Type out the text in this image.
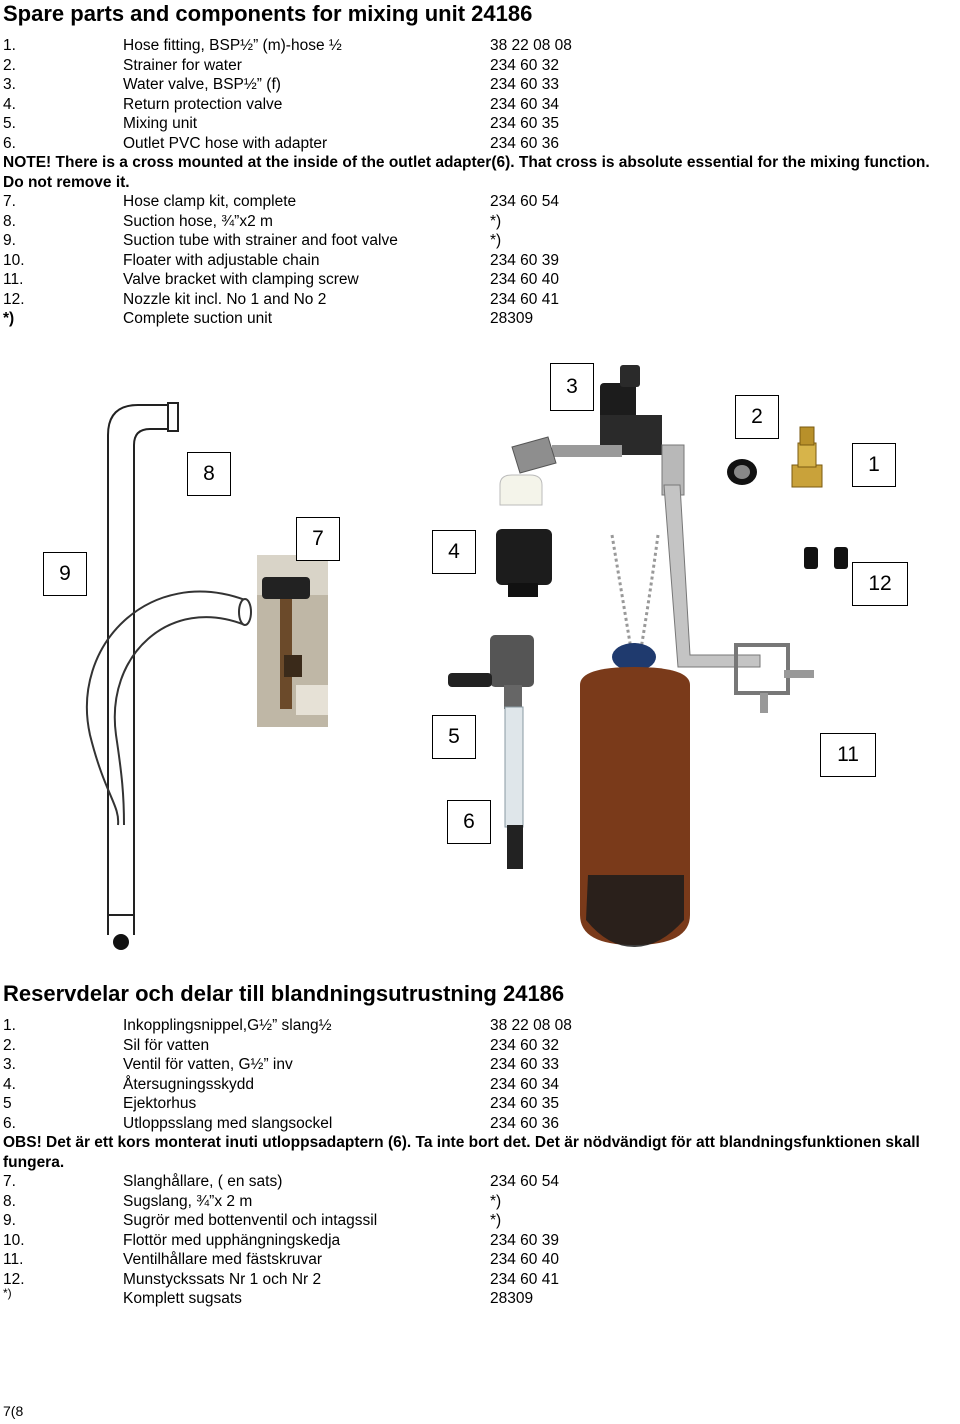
Spare parts and components for mixing unit 24186
1.	Hose fitting, BSP½” (m)-hose ½	38 22 08 08
2.	Strainer for water	234 60 32
3.	Water valve, BSP½” (f)	234 60 33
4.	Return protection valve	234 60 34
5.	Mixing unit	234 60 35
6.	Outlet PVC hose with adapter	234 60 36
NOTE! There is a cross mounted at the inside of the outlet adapter(6). That cross is absolute essential for the mixing function. Do not remove it.
7.	Hose clamp kit, complete	234 60 54
8.	Suction hose, ¾”x2 m	*)
9.	Suction tube with strainer and foot valve	*)
10.	Floater with adjustable chain	234 60 39
11.	Valve bracket with clamping screw	234 60 40
12.	Nozzle kit incl. No 1 and No 2	234 60 41
*)	Complete suction unit	28309
3
2
8	1
9
7
4
12
5
11
6
Reservdelar och delar till blandningsutrustning 24186
1.	Inkopplingsnippel,G½” slang½	38 22 08 08
2.	Sil för vatten	234 60 32
3.	Ventil för vatten, G½” inv	234 60 33
4.	Återsugningsskydd	234 60 34
5	Ejektorhus	234 60 35
6.	Utloppsslang med slangsockel	234 60 36
OBS! Det är ett kors monterat inuti utloppsadaptern (6). Ta inte bort det. Det är nödvändigt för att blandningsfunktionen skall fungera.
7.	Slanghållare, ( en sats)	234 60 54
8.	Sugslang, ¾”x 2 m	*)
9.	Sugrör med bottenventil och intagssil	*)
10.	Flottör med upphängningskedja	234 60 39
11.	Ventilhållare med fästskruvar	234 60 40
12.	Munstyckssats Nr 1 och Nr 2	234 60 41
*)	Komplett sugsats	28309
7(8
